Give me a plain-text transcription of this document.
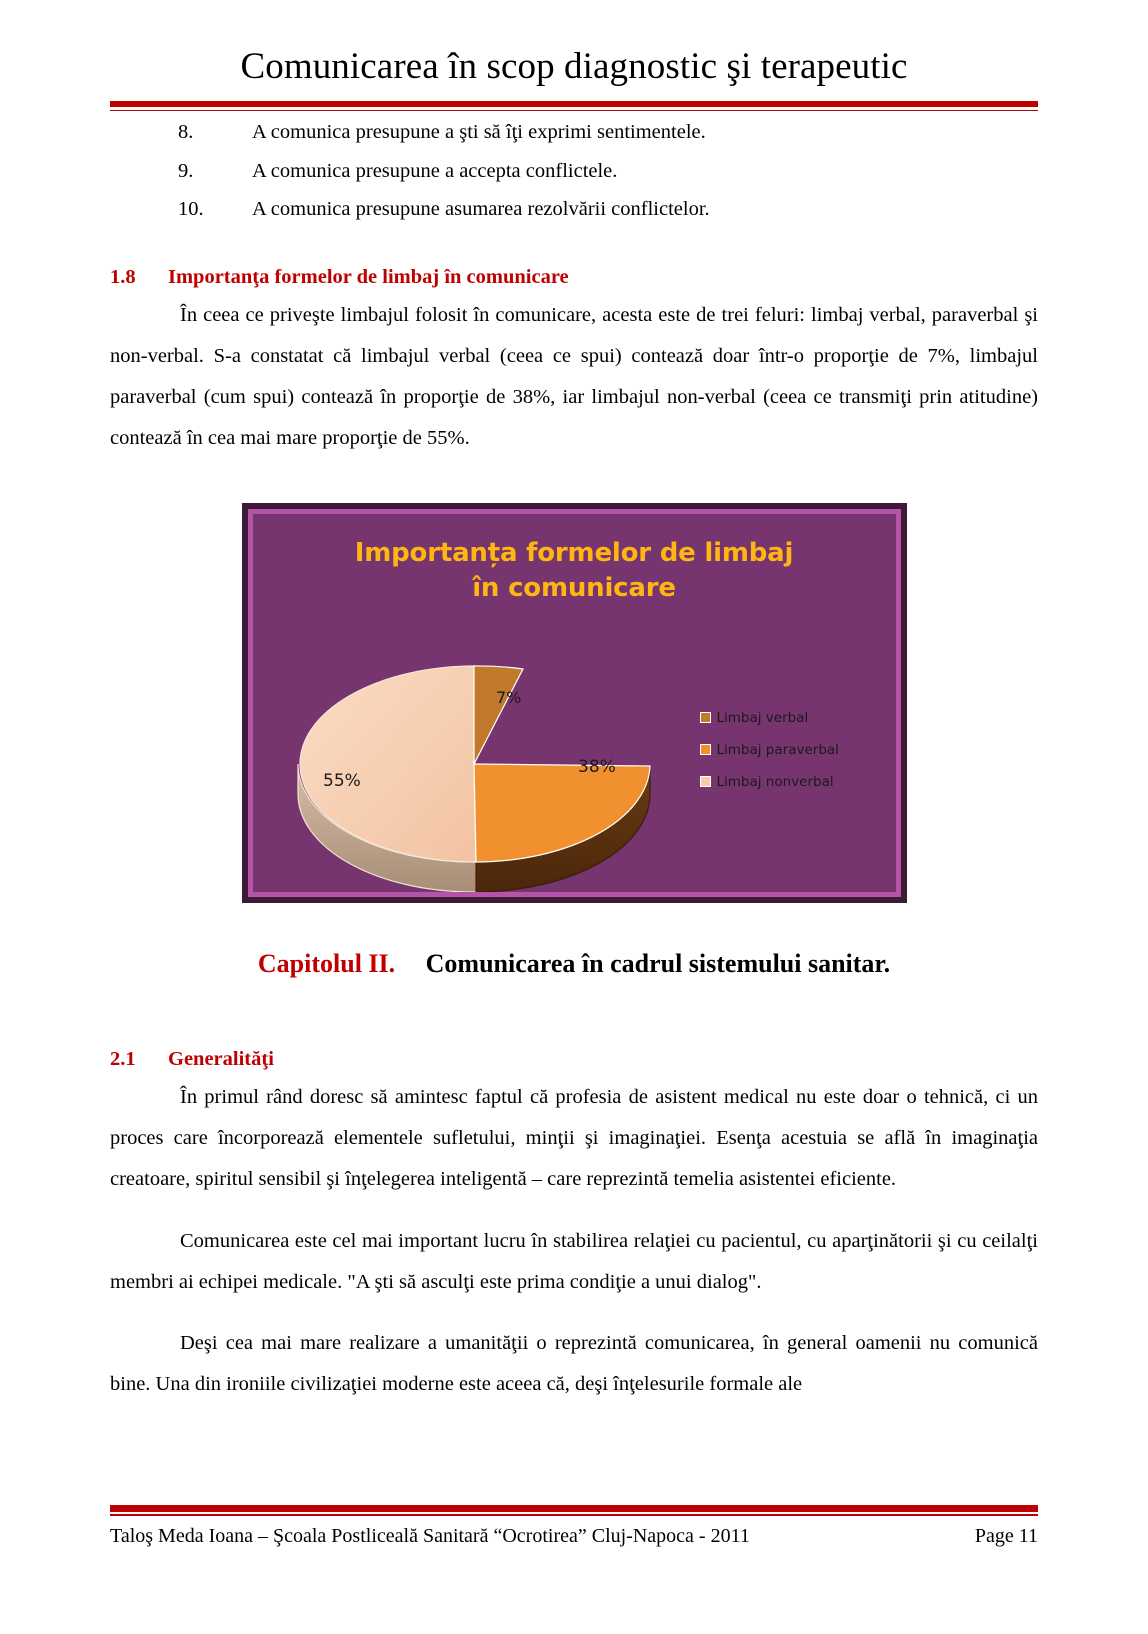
Comunicarea în scop diagnostic şi terapeutic
8.	A comunica presupune a şti să îţi exprimi sentimentele.
9.	A comunica presupune a accepta conflictele.
10.	A comunica presupune asumarea rezolvării conflictelor.
1.8	Importanţa formelor de limbaj în comunicare

În ceea ce priveşte limbajul folosit în comunicare, acesta este de trei feluri: limbaj verbal, paraverbal şi non-verbal. S-a constatat că limbajul verbal (ceea ce spui) contează doar într-o proporţie de 7%, limbajul paraverbal (cum spui) contează în proporţie de 38%, iar limbajul non-verbal (ceea ce transmiţi prin atitudine) contează în cea mai mare proporţie de 55%.

Importanța formelor de limbaj
în comunicare
7%
38%
55%
Limbaj verbal
Limbaj paraverbal
Limbaj nonverbal
Capitolul II. Comunicarea în cadrul sistemului sanitar.
2.1	Generalităţi

În primul rând doresc să amintesc faptul că profesia de asistent medical nu este doar o tehnică, ci un proces care încorporează elementele sufletului, minţii şi imaginaţiei. Esenţa acestuia se află în imaginaţia creatoare, spiritul sensibil şi înţelegerea inteligentă – care reprezintă temelia asistentei eficiente.

Comunicarea este cel mai important lucru în stabilirea relaţiei cu pacientul, cu aparţinătorii şi cu ceilalţi membri ai echipei medicale. "A şti să asculţi este prima condiţie a unui dialog".

Deşi cea mai mare realizare a umanităţii o reprezintă comunicarea, în general oamenii nu comunică bine. Una din ironiile civilizaţiei moderne este aceea că, deşi înţelesurile formale ale

Taloş Meda Ioana – Şcoala Postliceală Sanitară “Ocrotirea” Cluj-Napoca - 2011	Page 11
